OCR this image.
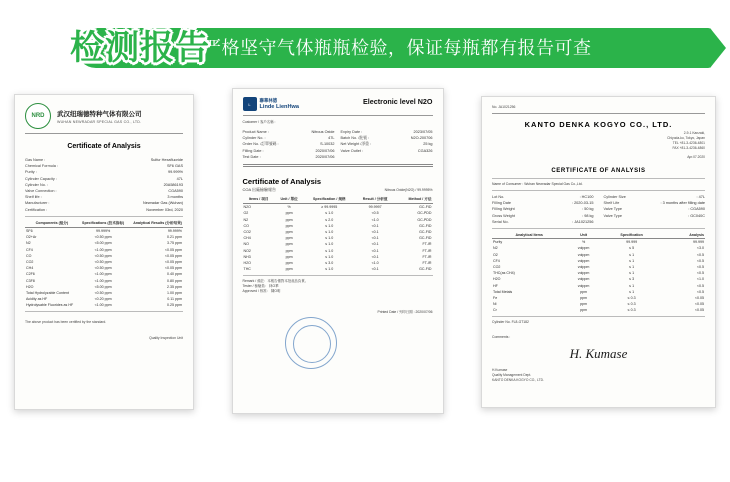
严格坚守气体瓶瓶检验，保证每瓶都有报告可查
检测报告
NRD	武汉纽瑞德特种气体有限公司
WUHAN NEWRADAR SPECIAL GAS CO., LTD.
Certificate of Analysis
Gas Name :	Sulfur Hexafluoride
Chemical Formula :	SF6 GAS
Purity :	99.999%
Cylinder Capacity :	47L
Cylinder No. :	20A586193
Valve Connection :	CGA590
Shelf life :	3 months
Manufacturer :	Newradar Gas (Wuhan)
Certification :	November 03rd, 2020
Components (组分)	Specifications (技术指标)	Analytical Results (分析结果)
SF6	99.999%	99.999%
O2+Ar	<0.50 ppm	0.21 ppm
N2	<5.00 ppm	3.75 ppm
CF4	<1.00 ppm	<0.05 ppm
CO	<0.50 ppm	<0.05 ppm
CO2	<0.50 ppm	<0.05 ppm
CH4	<0.50 ppm	<0.05 ppm
C2F6	<1.00 ppm	0.40 ppm
C3F8	<1.00 ppm	0.80 ppm
H2O	<5.00 ppm	2.35 ppm
Total Hydrolyzable Content	<0.50 ppm	1.00 ppm
Acidity as HF	<0.20 ppm	0.11 ppm
Hydrolysable Fluorides as HF	<1.00 ppm	0.25 ppm
The above product has been certified by the standard.
Quality Inspection Unit
L
聯華林德
Linde LienHwa
Electronic level N2O
Customer / 客戶名稱 :
Product Name :	Nitrous Oxide
Cylinder No. :	47L
Order No. /訂單號碼 :	S-10032
Filling Date :	2020/07/06
Test Date :	2020/07/06
Expiry Date :	2023/07/05
Batch No. /批號 :	N2O-200706
Net Weight /淨重 :	25 kg
Valve Outlet :	CGA326
Certificate of Analysis
COA 出廠檢驗報告	Nitrous Oxide(N2O) / 99.9995%
Items / 項目	Unit / 單位	Specification / 規格	Result / 分析值	Method / 方法
N2O	%	≥ 99.9995	99.9997	GC-FID
O2	ppm	≤ 1.0	<0.5	GC-PDD
N2	ppm	≤ 2.0	<1.0	GC-PDD
CO	ppm	≤ 1.0	<0.1	GC-FID
CO2	ppm	≤ 1.0	<0.1	GC-FID
CH4	ppm	≤ 1.0	<0.1	GC-FID
NO	ppm	≤ 1.0	<0.1	FT-IR
NO2	ppm	≤ 1.0	<0.1	FT-IR
NH3	ppm	≤ 1.0	<0.1	FT-IR
H2O	ppm	≤ 3.0	<1.0	FT-IR
THC	ppm	≤ 1.0	<0.1	GC-FID
Remark / 備註：本報告僅對本批產品負責。
Tester / 檢驗員： 林O華
Approved / 核准： 陳O明
Printed Date / 列印日期 : 2020/07/06
No. JA1021256
KANTO DENKA KOGYO CO., LTD.
2-9-1 Kanzaki,
Chiyoda-ku, Tokyo, Japan
TEL +81-3-4236-4801
FAX +81-3-4236-4860
Apr.07.2020
CERTIFICATE OF ANALYSIS
Name of Consumer : Wuhan Newradar Special Gas Co.,Ltd.
Lot No.	: HC100
Filling Date	: 2020-03-15
Filling Weight	: 50 kg
Gross Weight	: 98 kg
Serial No.	: JA1021256
Cylinder Size	: 47L
Shelf Life	: 3 months after filling date
Valve Type	: CGA590
Valve Type	: GC040C
Analytical Items	Unit	Specification	Analysis
Purity	%	99.999	99.999
N2	volppm	≤ 5	<3.0
O2	volppm	≤ 1	<0.5
CF4	volppm	≤ 1	<0.5
CO2	volppm	≤ 1	<0.5
THC(as CH4)	volppm	≤ 1	<0.5
H2O	volppm	≤ 3	<1.0
HF	volppm	≤ 1	<0.5
Total Metals	ppm	≤ 1	<0.5
Fe	ppm	≤ 0.3	<0.05
Ni	ppm	≤ 0.3	<0.05
Cr	ppm	≤ 0.3	<0.05
Cylinder No. FL8-GT182
Comments :
H. Kumase
H.Kumase
Quality Management Dept.
KANTO DENKA KOGYO CO., LTD.
